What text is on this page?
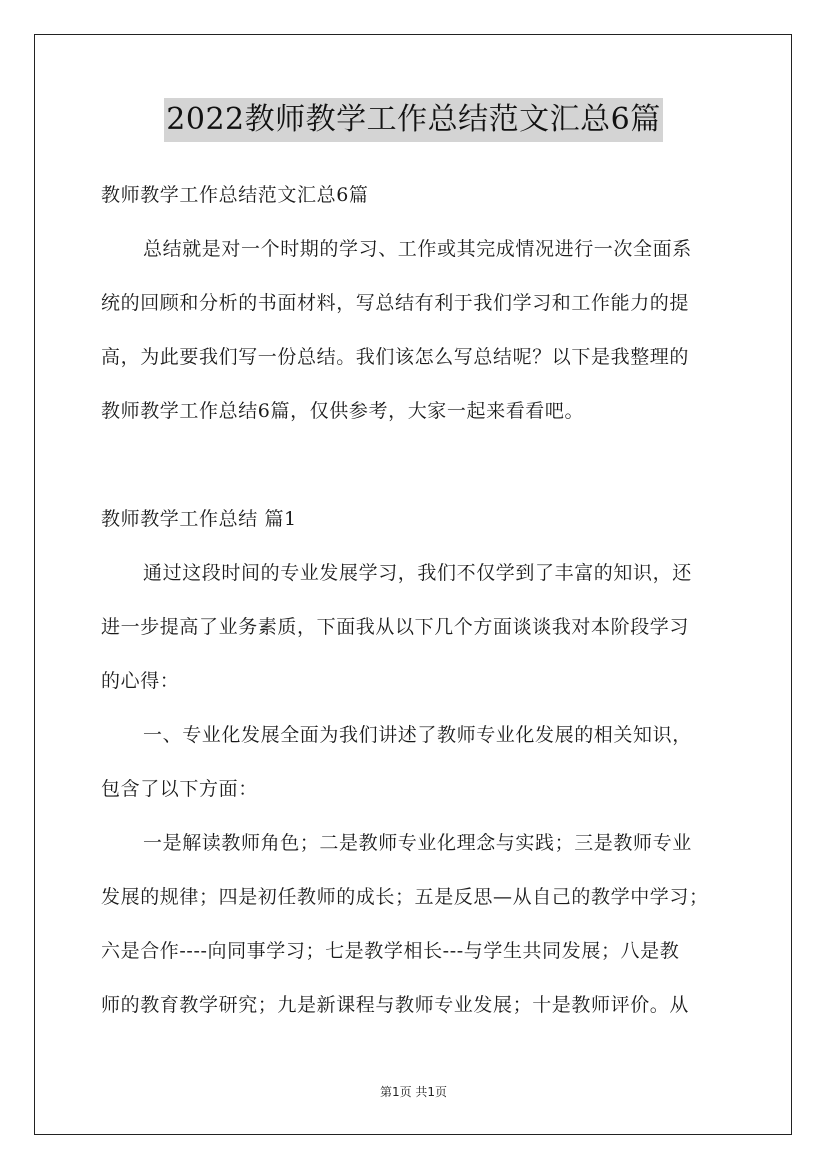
2022教师教学工作总结范文汇总6篇
教师教学工作总结范文汇总6篇
总结就是对一个时期的学习、工作或其完成情况进行一次全面系
统的回顾和分析的书面材料，写总结有利于我们学习和工作能力的提
高，为此要我们写一份总结。我们该怎么写总结呢？以下是我整理的
教师教学工作总结6篇，仅供参考，大家一起来看看吧。
教师教学工作总结 篇1
通过这段时间的专业发展学习，我们不仅学到了丰富的知识，还
进一步提高了业务素质，下面我从以下几个方面谈谈我对本阶段学习
的心得：
一、专业化发展全面为我们讲述了教师专业化发展的相关知识，
包含了以下方面：
一是解读教师角色；二是教师专业化理念与实践；三是教师专业
发展的规律；四是初任教师的成长；五是反思—从自己的教学中学习；
六是合作----向同事学习；七是教学相长---与学生共同发展；八是教
师的教育教学研究；九是新课程与教师专业发展；十是教师评价。从
第1页 共1页
